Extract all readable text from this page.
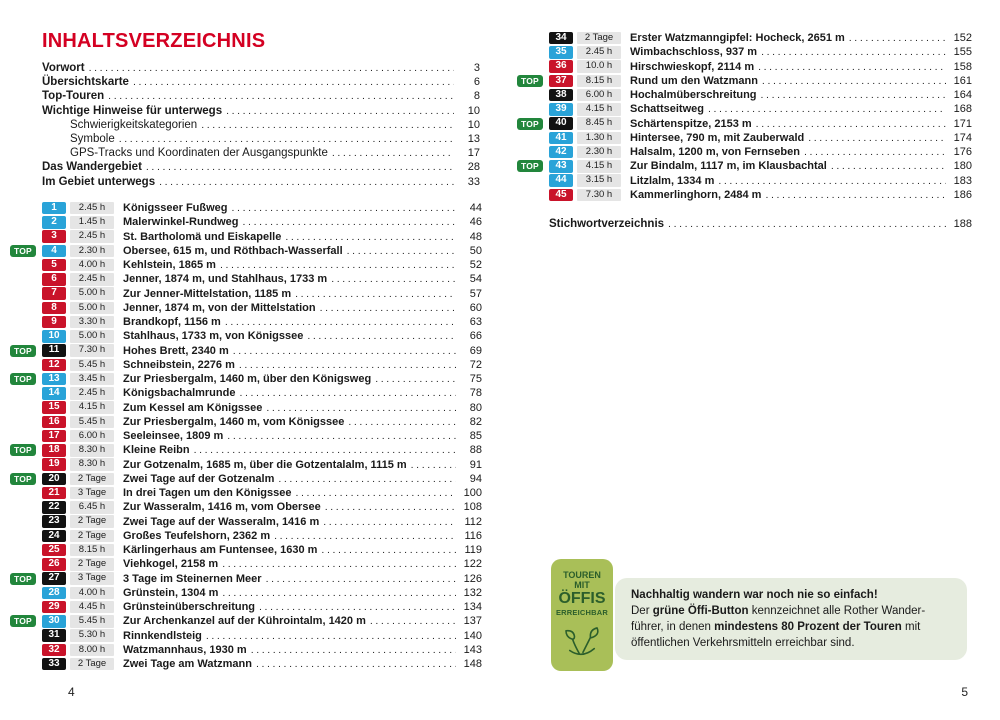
INHALTSVERZEICHNIS
Vorwort .....	3
Übersichtskarte .....	6
Top-Touren .....	8
Wichtige Hinweise für unterwegs .....	10
Schwierigkeitskategorien .....	10
Symbole .....	13
GPS-Tracks und Koordinaten der Ausgangspunkte .....	17
Das Wandergebiet .....	28
Im Gebiet unterwegs .....	33
1	2.45 h	Königsseer Fußweg .....	44
2	1.45 h	Malerwinkel-Rundweg .....	46
3	2.45 h	St. Bartholomä und Eiskapelle .....	48
TOP	4	2.30 h	Obersee, 615 m, und Röthbach-Wasserfall .....	50
5	4.00 h	Kehlstein, 1865 m .....	52
6	2.45 h	Jenner, 1874 m, und Stahlhaus, 1733 m .....	54
7	5.00 h	Zur Jenner-Mittelstation, 1185 m .....	57
8	5.00 h	Jenner, 1874 m, von der Mittelstation .....	60
9	3.30 h	Brandkopf, 1156 m .....	63
10	5.00 h	Stahlhaus, 1733 m, von Königssee .....	66
TOP	11	7.30 h	Hohes Brett, 2340 m .....	69
12	5.45 h	Schneibstein, 2276 m .....	72
TOP	13	3.45 h	Zur Priesbergalm, 1460 m, über den Königsweg .....	75
14	2.45 h	Königsbachalmrunde .....	78
15	4.15 h	Zum Kessel am Königssee .....	80
16	5.45 h	Zur Priesbergalm, 1460 m, vom Königssee .....	82
17	6.00 h	Seeleinsee, 1809 m .....	85
TOP	18	8.30 h	Kleine Reibn .....	88
19	8.30 h	Zur Gotzenalm, 1685 m, über die Gotzentalalm, 1115 m .....	91
TOP	20	2 Tage	Zwei Tage auf der Gotzenalm .....	94
21	3 Tage	In drei Tagen um den Königssee .....	100
22	6.45 h	Zur Wasseralm, 1416 m, vom Obersee .....	108
23	2 Tage	Zwei Tage auf der Wasseralm, 1416 m .....	112
24	2 Tage	Großes Teufelshorn, 2362 m .....	116
25	8.15 h	Kärlingerhaus am Funtensee, 1630 m .....	119
26	2 Tage	Viehkogel, 2158 m .....	122
TOP	27	3 Tage	3 Tage im Steinernen Meer .....	126
28	4.00 h	Grünstein, 1304 m .....	132
29	4.45 h	Grünsteinüberschreitung .....	134
TOP	30	5.45 h	Zur Archenkanzel auf der Kührointalm, 1420 m .....	137
31	5.30 h	Rinnkendlsteig .....	140
32	8.00 h	Watzmannhaus, 1930 m .....	143
33	2 Tage	Zwei Tage am Watzmann .....	148
34	2 Tage	Erster Watzmanngipfel: Hocheck, 2651 m .....	152
35	2.45 h	Wimbachschloss, 937 m .....	155
36	10.0 h	Hirschwieskopf, 2114 m .....	158
TOP	37	8.15 h	Rund um den Watzmann .....	161
38	6.00 h	Hochalmüberschreitung .....	164
39	4.15 h	Schattseitweg .....	168
TOP	40	8.45 h	Schärtenspitze, 2153 m .....	171
41	1.30 h	Hintersee, 790 m, mit Zauberwald .....	174
42	2.30 h	Halsalm, 1200 m, von Fernseben .....	176
TOP	43	4.15 h	Zur Bindalm, 1117 m, im Klausbachtal .....	180
44	3.15 h	Litzlalm, 1334 m .....	183
45	7.30 h	Kammerlinghorn, 2484 m .....	186
Stichwortverzeichnis .....	188
TOUREN
MIT
ÖFFIS
ERREICHBAR
Nachhaltig wandern war noch nie so einfach!
Der grüne Öffi-Button kennzeichnet alle Rother Wander-
führer, in denen mindestens 80 Prozent der Touren mit
öffentlichen Verkehrsmitteln erreichbar sind.
4	5
